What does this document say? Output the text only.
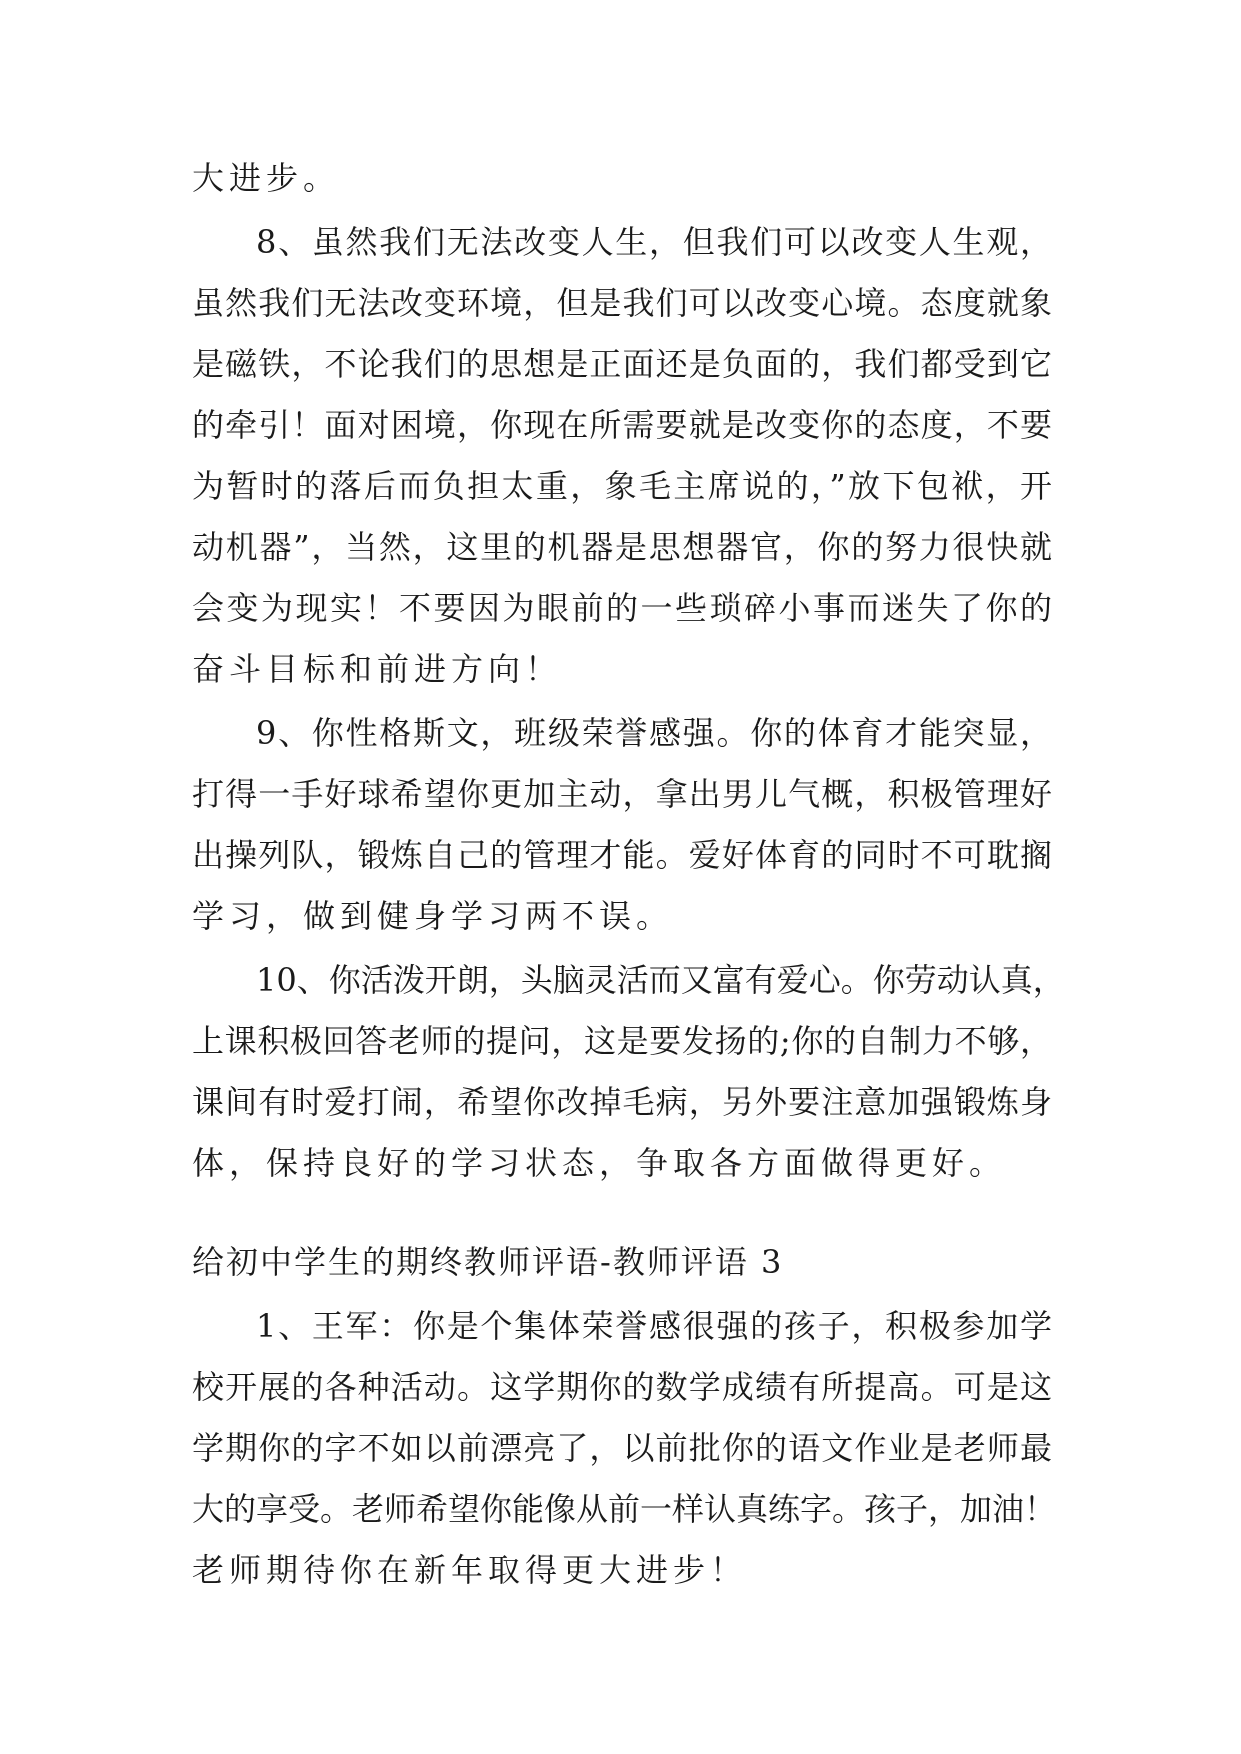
大进步。
8、虽然我们无法改变人生，但我们可以改变人生观，
虽然我们无法改变环境，但是我们可以改变心境。态度就象
是磁铁，不论我们的思想是正面还是负面的，我们都受到它
的牵引！面对困境，你现在所需要就是改变你的态度，不要
为暂时的落后而负担太重，象毛主席说的，”放下包袱，开
动机器”，当然，这里的机器是思想器官，你的努力很快就
会变为现实！不要因为眼前的一些琐碎小事而迷失了你的
奋斗目标和前进方向！
9、你性格斯文，班级荣誉感强。你的体育才能突显，
打得一手好球希望你更加主动，拿出男儿气概，积极管理好
出操列队，锻炼自己的管理才能。爱好体育的同时不可耽搁
学习，做到健身学习两不误。
10、你活泼开朗，头脑灵活而又富有爱心。你劳动认真，
上课积极回答老师的提问，这是要发扬的;你的自制力不够，
课间有时爱打闹，希望你改掉毛病，另外要注意加强锻炼身
体，保持良好的学习状态，争取各方面做得更好。
给初中学生的期终教师评语-教师评语 3
1、王军：你是个集体荣誉感很强的孩子，积极参加学
校开展的各种活动。这学期你的数学成绩有所提高。可是这
学期你的字不如以前漂亮了，以前批你的语文作业是老师最
大的享受。老师希望你能像从前一样认真练字。孩子，加油！
老师期待你在新年取得更大进步！
